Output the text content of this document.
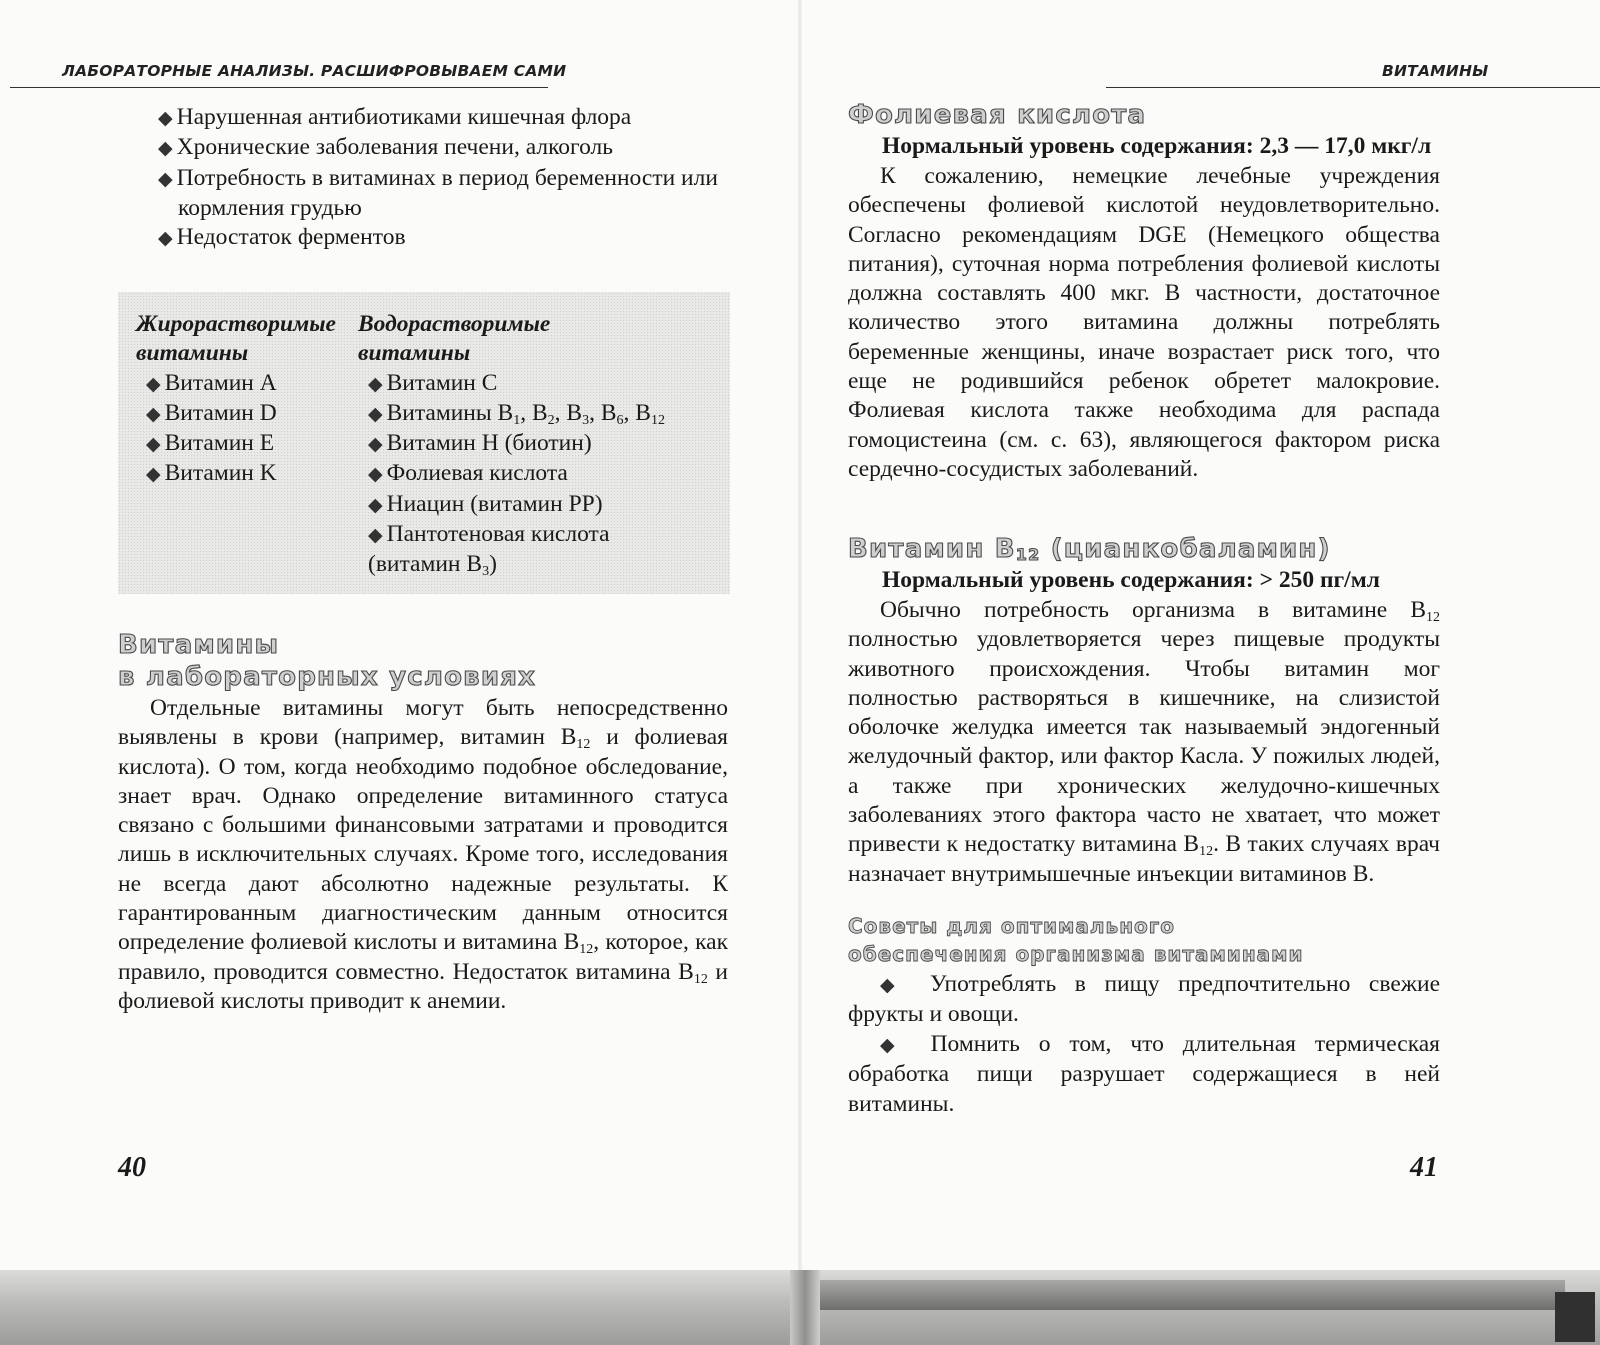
ЛАБОРАТОРНЫЕ АНАЛИЗЫ. РАСШИФРОВЫВАЕМ САМИ
◆ Нарушенная антибиотиками кишечная флора
◆ Хронические заболевания печени, алкоголь
◆ Потребность в витаминах в период беременности или кормления грудью
◆ Недостаток ферментов
Жирорастворимые
витамины
◆ Витамин A
◆ Витамин D
◆ Витамин E
◆ Витамин K
Водорастворимые
витамины
◆ Витамин C
◆ Витамины $B_1$, $B_2$, $B_3$, $B_6$, $B_{12}$
◆ Витамин H (биотин)
◆ Фолиевая кислота
◆ Ниацин (витамин PP)
◆ Пантотеновая кислота
(витамин $B_3$)
Витамины
в лабораторных условиях

Отдельные витамины могут быть непосредственно выявлены в крови (например, витамин $B_{12}$ и фолиевая кислота). О том, когда необходимо подобное обследование, знает врач. Однако определение витаминного статуса связано с большими финансовыми затратами и проводится лишь в исключительных случаях. Кроме того, исследования не всегда дают абсолютно надежные результаты. К гарантированным диагностическим данным относится определение фолиевой кислоты и витамина $B_{12}$, которое, как правило, проводится совместно. Недостаток витамина $B_{12}$ и фолиевой кислоты приводит к анемии.

40
ВИТАМИНЫ
Фолиевая кислота

Нормальный уровень содержания: 2,3 — 17,0 мкг/л

К сожалению, немецкие лечебные учреждения обеспечены фолиевой кислотой неудовлетворительно. Согласно рекомендациям DGE (Немецкого общества питания), суточная норма потребления фолиевой кислоты должна составлять 400 мкг. В частности, достаточное количество этого витамина должны потреблять беременные женщины, иначе возрастает риск того, что еще не родившийся ребенок обретет малокровие. Фолиевая кислота также необходима для распада гомоцистеина (см. с. 63), являющегося фактором риска сердечно-сосудистых заболеваний.

Витамин B12 (цианкобаламин)

Нормальный уровень содержания: > 250 пг/мл

Обычно потребность организма в витамине $B_{12}$ полностью удовлетворяется через пищевые продукты животного происхождения. Чтобы витамин мог полностью растворяться в кишечнике, на слизистой оболочке желудка имеется так называемый эндогенный желудочный фактор, или фактор Касла. У пожилых людей, а также при хронических желудочно-кишечных заболеваниях этого фактора часто не хватает, что может привести к недостатку витамина $B_{12}$. В таких случаях врач назначает внутримышечные инъекции витаминов B.

Советы для оптимального
обеспечения организма витаминами

◆ Употреблять в пищу предпочтительно свежие фрукты и овощи.

◆ Помнить о том, что длительная термическая обработка пищи разрушает содержащиеся в ней витамины.

41
